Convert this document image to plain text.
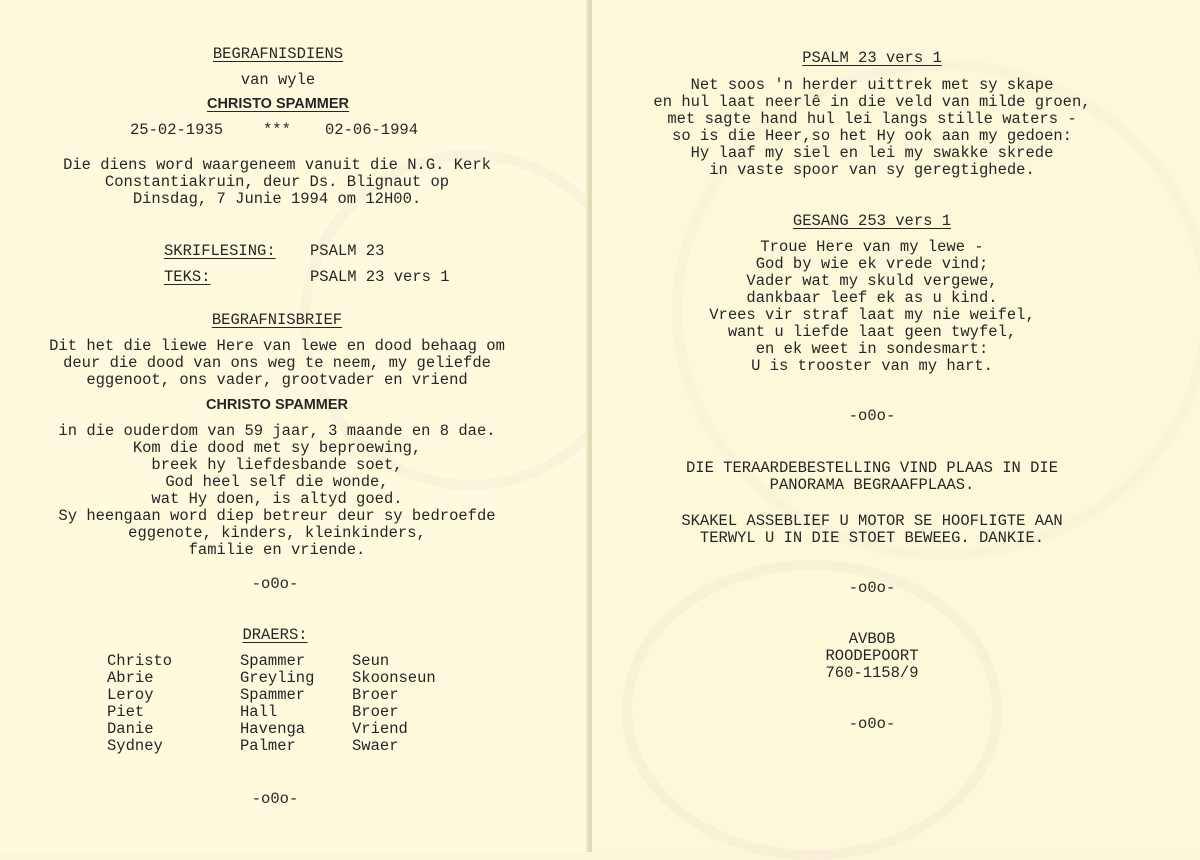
BEGRAFNISDIENS
van wyle
CHRISTO SPAMMER
25-02-1935	*** 02-06-1994
Die diens word waargeneem vanuit die N.G. Kerk
Constantiakruin, deur Ds. Blignaut op
Dinsdag, 7 Junie 1994 om 12H00.
SKRIFLESING: PSALM 23
TEKS:	PSALM 23 vers 1
BEGRAFNISBRIEF
Dit het die liewe Here van lewe en dood behaag om
deur die dood van ons weg te neem, my geliefde
eggenoot, ons vader, grootvader en vriend
CHRISTO SPAMMER
in die ouderdom van 59 jaar, 3 maande en 8 dae.
Kom die dood met sy beproewing,
breek hy liefdesbande soet,
God heel self die wonde,
wat Hy doen, is altyd goed.
Sy heengaan word diep betreur deur sy bedroefde
eggenote, kinders, kleinkinders,
familie en vriende.
-o0o-
DRAERS:
Christo	Spammer	Seun
Abrie	Greyling Skoonseun
Leroy	Spammer	Broer
Piet	Hall	Broer
Danie	Havenga	Vriend
Sydney	Palmer	Swaer
-o0o-
PSALM 23 vers 1
Net soos 'n herder uittrek met sy skape
en hul laat neerlê in die veld van milde groen,
met sagte hand hul lei langs stille waters -
so is die Heer,so het Hy ook aan my gedoen:
Hy laaf my siel en lei my swakke skrede
in vaste spoor van sy geregtighede.
GESANG 253 vers 1
Troue Here van my lewe -
God by wie ek vrede vind;
Vader wat my skuld vergewe,
dankbaar leef ek as u kind.
Vrees vir straf laat my nie weifel,
want u liefde laat geen twyfel,
en ek weet in sondesmart:
U is trooster van my hart.
-o0o-
DIE TERAARDEBESTELLING VIND PLAAS IN DIE
PANORAMA BEGRAAFPLAAS.
SKAKEL ASSEBLIEF U MOTOR SE HOOFLIGTE AAN
TERWYL U IN DIE STOET BEWEEG. DANKIE.
-o0o-
AVBOB
ROODEPOORT
760-1158/9
-o0o-
